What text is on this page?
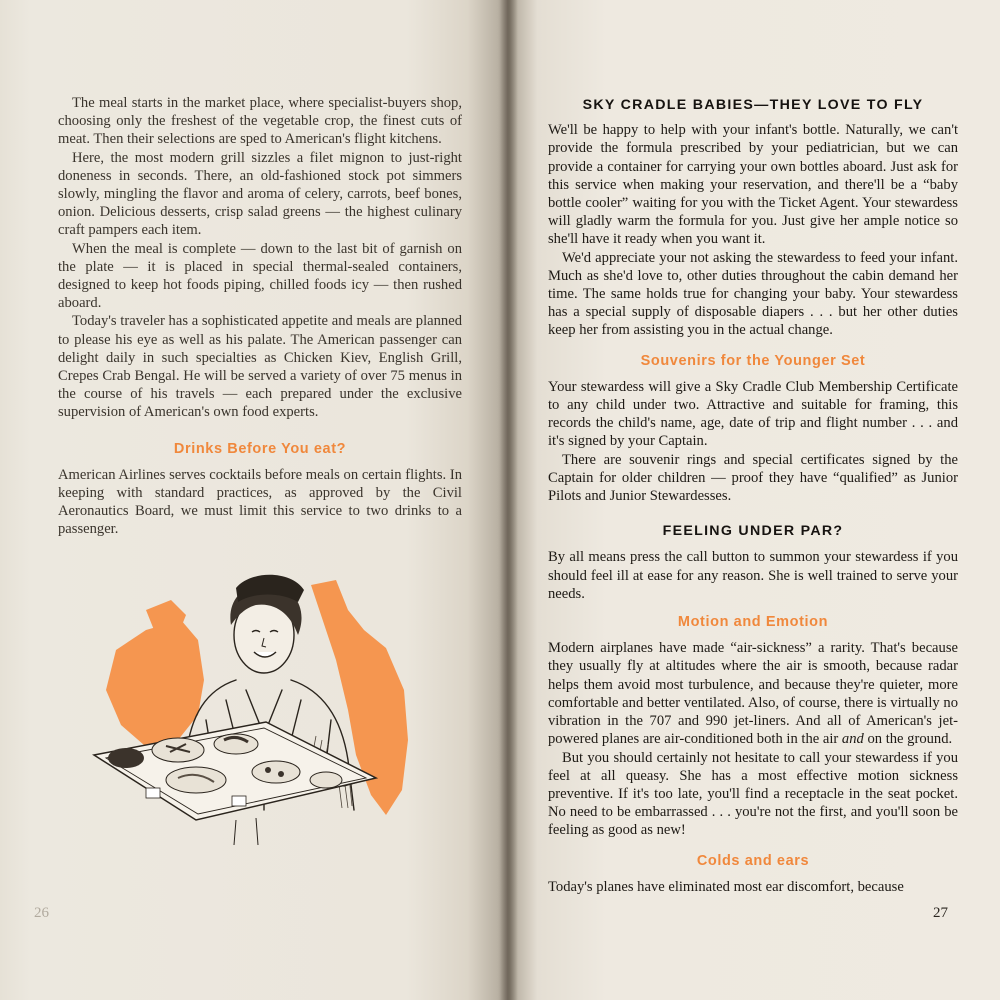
The meal starts in the market place, where specialist-buyers shop, choosing only the freshest of the vegetable crop, the finest cuts of meat. Then their selections are sped to American's flight kitchens.

Here, the most modern grill sizzles a filet mignon to just-right doneness in seconds. There, an old-fashioned stock pot simmers slowly, mingling the flavor and aroma of celery, carrots, beef bones, onion. Delicious desserts, crisp salad greens — the highest culinary craft pampers each item.

When the meal is complete — down to the last bit of garnish on the plate — it is placed in special thermal-sealed containers, designed to keep hot foods piping, chilled foods icy — then rushed aboard.

Today's traveler has a sophisticated appetite and meals are planned to please his eye as well as his palate. The American passenger can delight daily in such specialties as Chicken Kiev, English Grill, Crepes Crab Bengal. He will be served a variety of over 75 menus in the course of his travels — each prepared under the exclusive supervision of American's own food experts.

Drinks Before You eat?

American Airlines serves cocktails before meals on certain flights. In keeping with standard practices, as approved by the Civil Aeronautics Board, we must limit this service to two drinks to a passenger.

26
SKY CRADLE BABIES—THEY LOVE TO FLY

We'll be happy to help with your infant's bottle. Naturally, we can't provide the formula prescribed by your pediatrician, but we can provide a container for carrying your own bottles aboard. Just ask for this service when making your reservation, and there'll be a “baby bottle cooler” waiting for you with the Ticket Agent. Your stewardess will gladly warm the formula for you. Just give her ample notice so she'll have it ready when you want it.

We'd appreciate your not asking the stewardess to feed your infant. Much as she'd love to, other duties throughout the cabin demand her time. The same holds true for changing your baby. Your stewardess has a special supply of disposable diapers . . . but her other duties keep her from assisting you in the actual change.

Souvenirs for the Younger Set

Your stewardess will give a Sky Cradle Club Membership Certificate to any child under two. Attractive and suitable for framing, this records the child's name, age, date of trip and flight number . . . and it's signed by your Captain.

There are souvenir rings and special certificates signed by the Captain for older children — proof they have “qualified” as Junior Pilots and Junior Stewardesses.

FEELING UNDER PAR?

By all means press the call button to summon your stewardess if you should feel ill at ease for any reason. She is well trained to serve your needs.

Motion and Emotion

Modern airplanes have made “air-sickness” a rarity. That's because they usually fly at altitudes where the air is smooth, because radar helps them avoid most turbulence, and because they're quieter, more comfortable and better ventilated. Also, of course, there is virtually no vibration in the 707 and 990 jet-liners. And all of American's jet-powered planes are air-conditioned both in the air and on the ground.

But you should certainly not hesitate to call your stewardess if you feel at all queasy. She has a most effective motion sickness preventive. If it's too late, you'll find a receptacle in the seat pocket. No need to be embarrassed . . . you're not the first, and you'll soon be feeling as good as new!

Colds and ears

Today's planes have eliminated most ear discomfort, because

27
